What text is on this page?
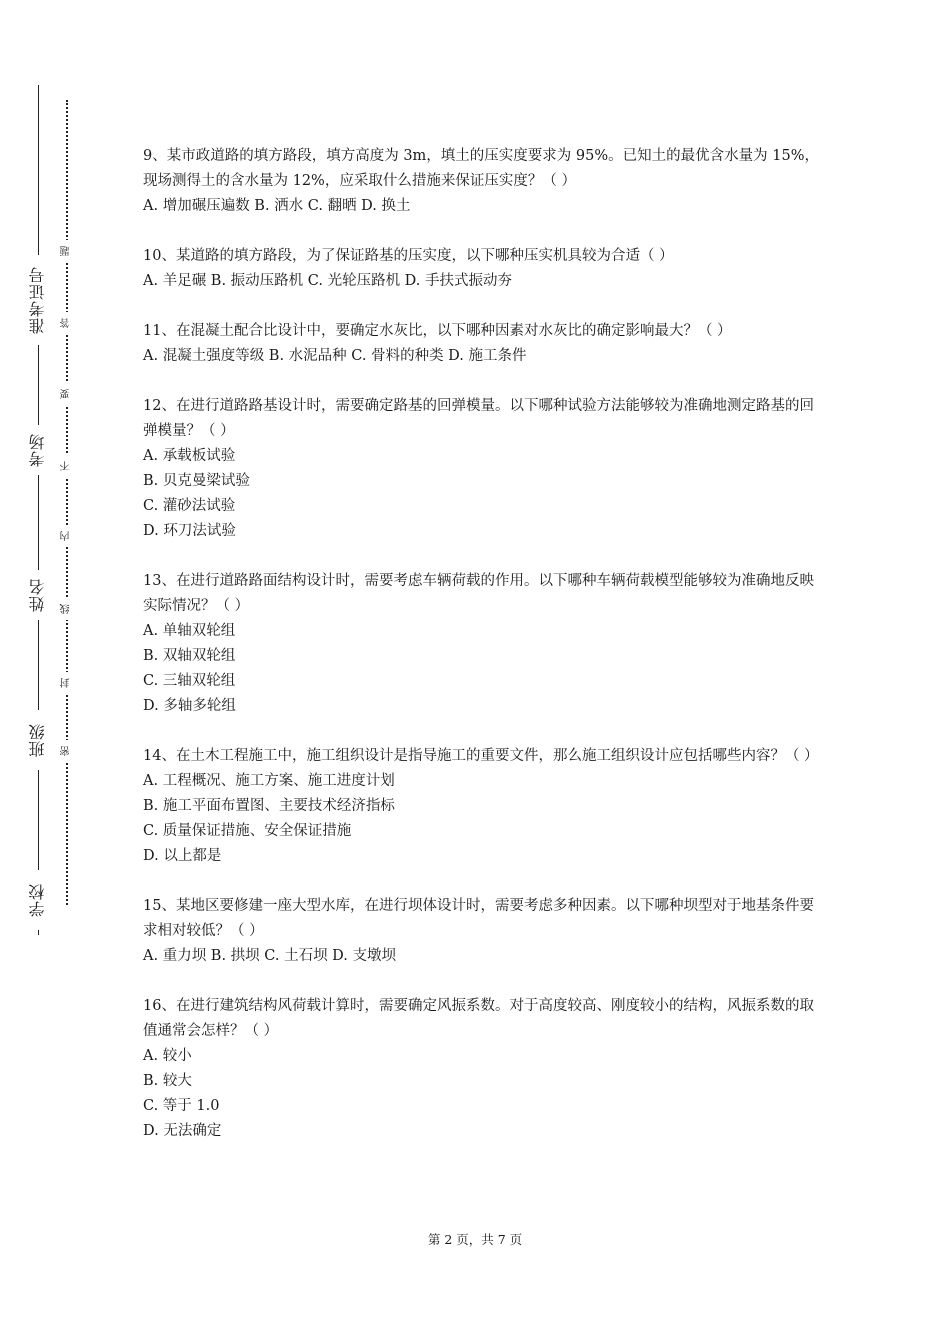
学校
班级
姓名
考场
准考证号
密
封
线
内
不
要
答
题

9、某市政道路的填方路段，填方高度为 3m，填土的压实度要求为 95%。已知土的最优含水量为 15%，现场测得土的含水量为 12%，应采取什么措施来保证压实度？（ ）

A. 增加碾压遍数 B. 洒水 C. 翻晒 D. 换土

10、某道路的填方路段，为了保证路基的压实度，以下哪种压实机具较为合适（ ）

A. 羊足碾 B. 振动压路机 C. 光轮压路机 D. 手扶式振动夯

11、在混凝土配合比设计中，要确定水灰比，以下哪种因素对水灰比的确定影响最大？（ ）

A. 混凝土强度等级 B. 水泥品种 C. 骨料的种类 D. 施工条件

12、在进行道路路基设计时，需要确定路基的回弹模量。以下哪种试验方法能够较为准确地测定路基的回弹模量？（ ）

A. 承载板试验

B. 贝克曼梁试验

C. 灌砂法试验

D. 环刀法试验

13、在进行道路路面结构设计时，需要考虑车辆荷载的作用。以下哪种车辆荷载模型能够较为准确地反映实际情况？（ ）

A. 单轴双轮组

B. 双轴双轮组

C. 三轴双轮组

D. 多轴多轮组

14、在土木工程施工中，施工组织设计是指导施工的重要文件，那么施工组织设计应包括哪些内容？（ ）

A. 工程概况、施工方案、施工进度计划

B. 施工平面布置图、主要技术经济指标

C. 质量保证措施、安全保证措施

D. 以上都是

15、某地区要修建一座大型水库，在进行坝体设计时，需要考虑多种因素。以下哪种坝型对于地基条件要求相对较低？（ ）

A. 重力坝 B. 拱坝 C. 土石坝 D. 支墩坝

16、在进行建筑结构风荷载计算时，需要确定风振系数。对于高度较高、刚度较小的结构，风振系数的取值通常会怎样？（ ）

A. 较小

B. 较大

C. 等于 1.0

D. 无法确定

第 2 页，共 7 页
